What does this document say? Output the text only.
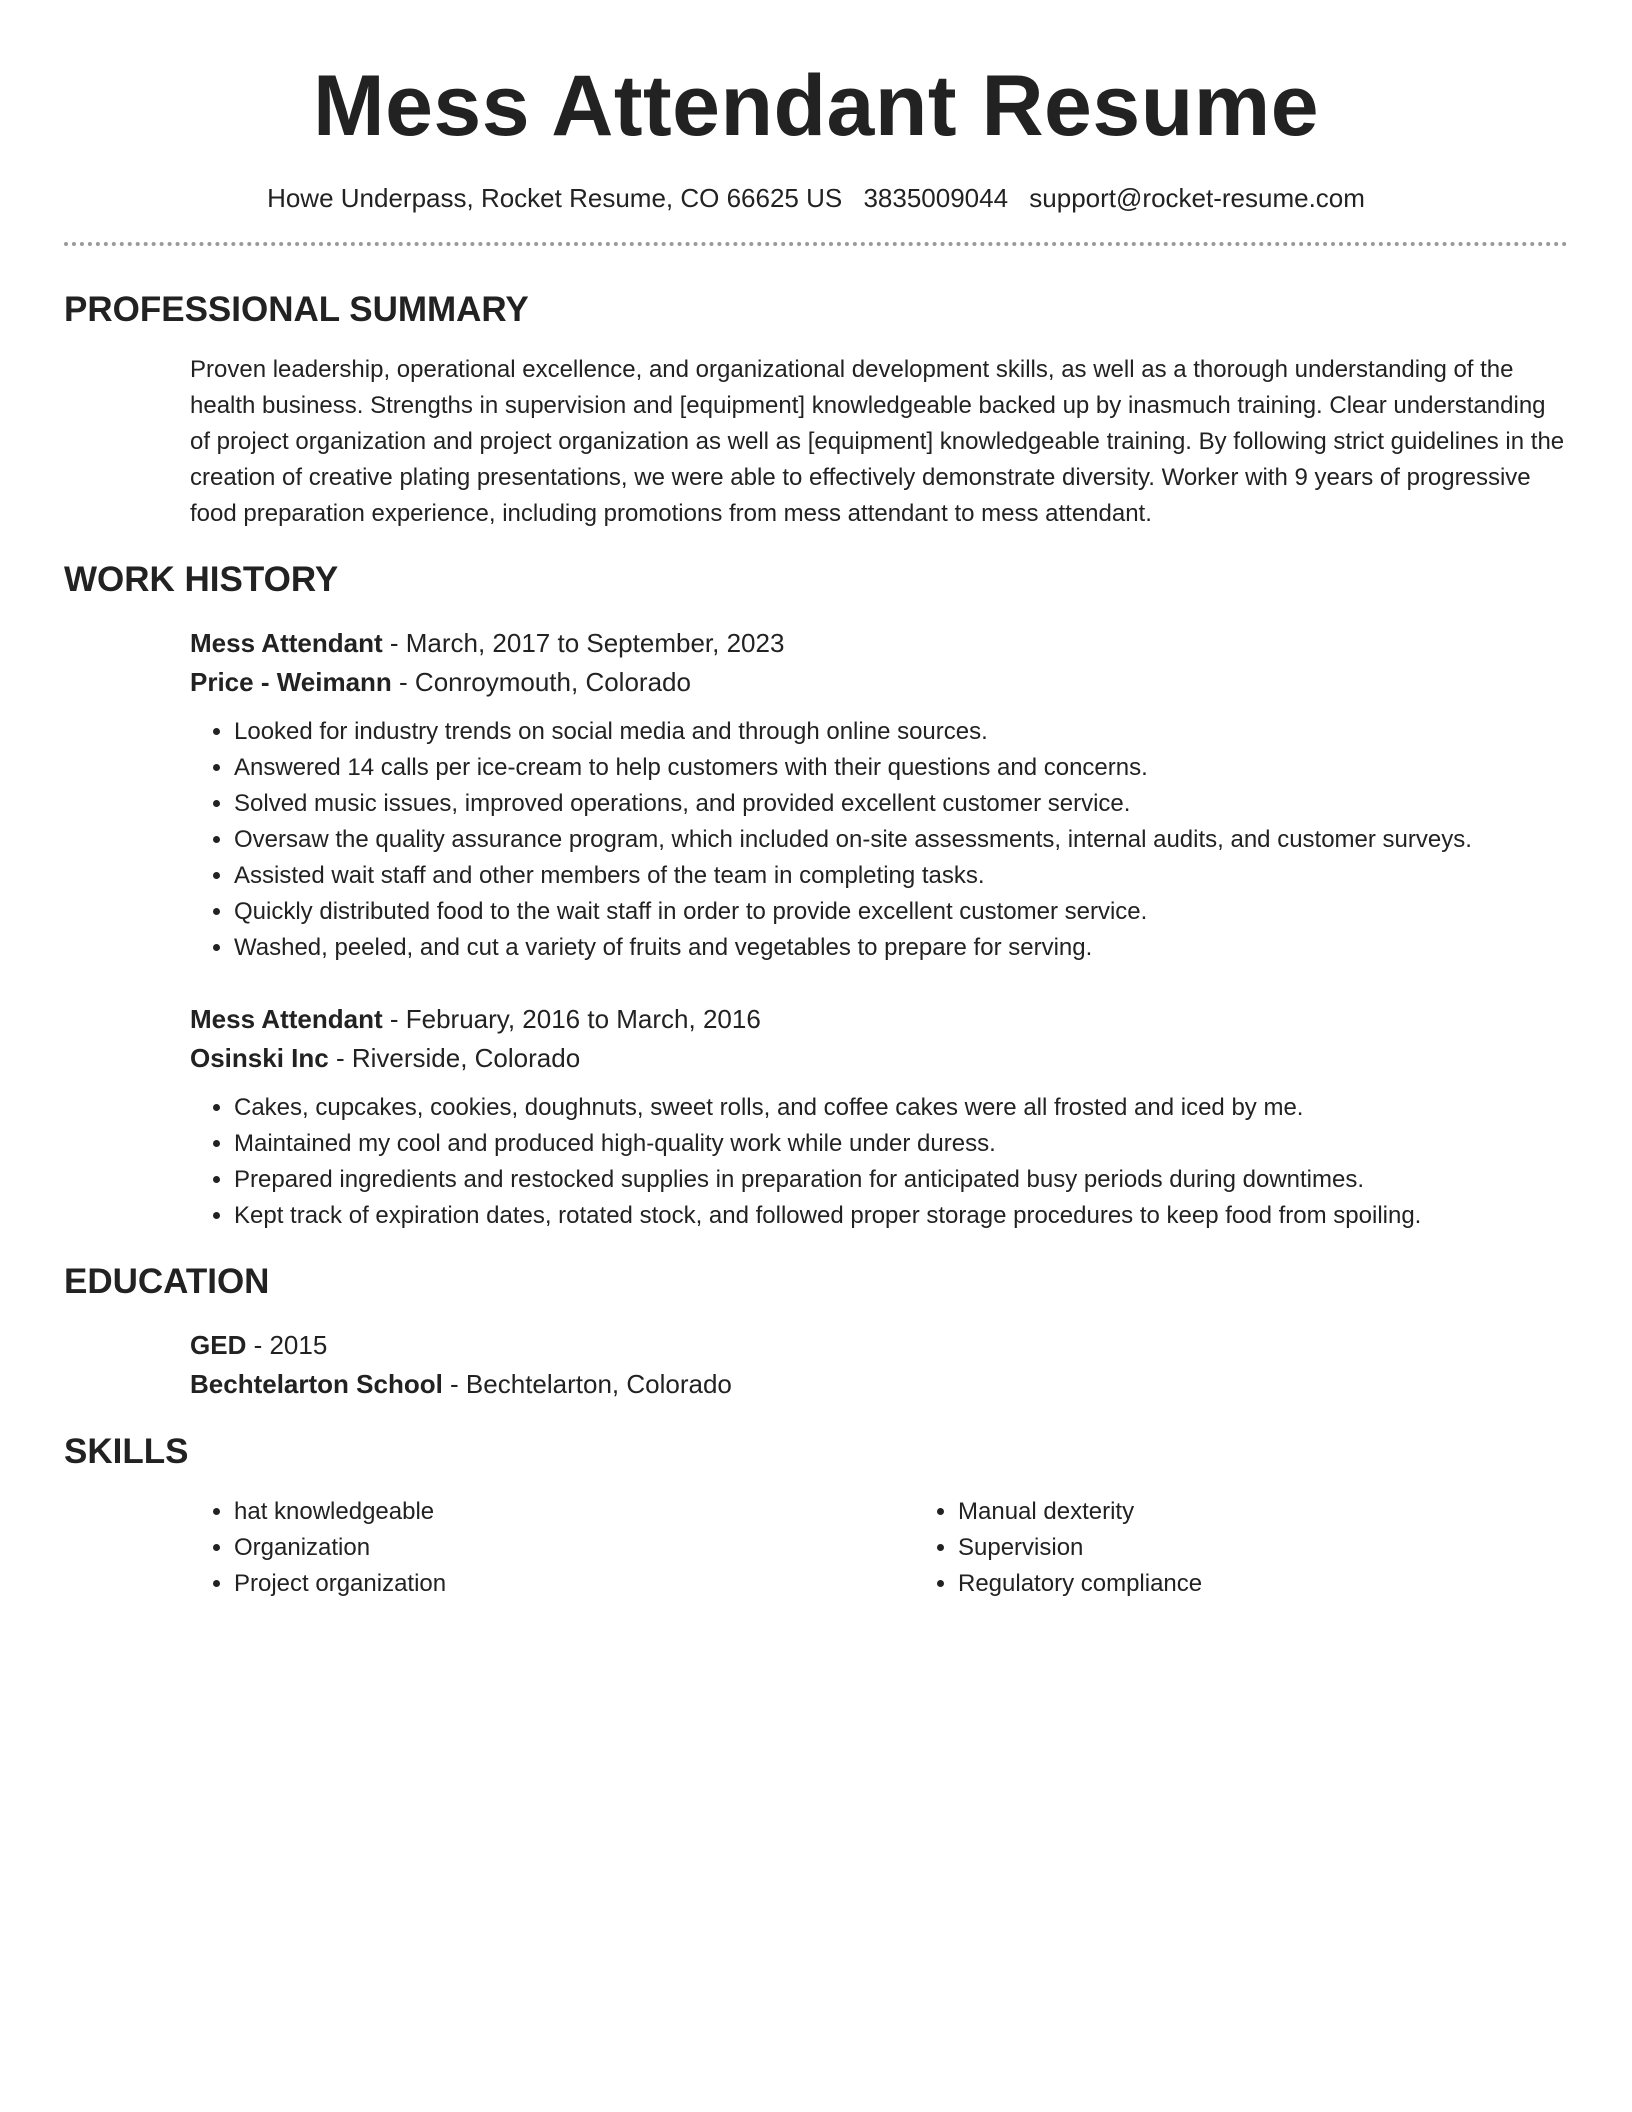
Mess Attendant Resume
Howe Underpass, Rocket Resume, CO 66625 US 3835009044 support@rocket-resume.com
PROFESSIONAL SUMMARY
Proven leadership, operational excellence, and organizational development skills, as well as a thorough understanding of the health business. Strengths in supervision and [equipment] knowledgeable backed up by inasmuch training. Clear understanding of project organization and project organization as well as [equipment] knowledgeable training. By following strict guidelines in the creation of creative plating presentations, we were able to effectively demonstrate diversity. Worker with 9 years of progressive food preparation experience, including promotions from mess attendant to mess attendant.
WORK HISTORY
Mess Attendant - March, 2017 to September, 2023
Price - Weimann - Conroymouth, Colorado
• Looked for industry trends on social media and through online sources.
• Answered 14 calls per ice-cream to help customers with their questions and concerns.
• Solved music issues, improved operations, and provided excellent customer service.
• Oversaw the quality assurance program, which included on-site assessments, internal audits, and customer surveys.
• Assisted wait staff and other members of the team in completing tasks.
• Quickly distributed food to the wait staff in order to provide excellent customer service.
• Washed, peeled, and cut a variety of fruits and vegetables to prepare for serving.
Mess Attendant - February, 2016 to March, 2016
Osinski Inc - Riverside, Colorado
• Cakes, cupcakes, cookies, doughnuts, sweet rolls, and coffee cakes were all frosted and iced by me.
• Maintained my cool and produced high-quality work while under duress.
• Prepared ingredients and restocked supplies in preparation for anticipated busy periods during downtimes.
• Kept track of expiration dates, rotated stock, and followed proper storage procedures to keep food from spoiling.
EDUCATION
GED - 2015
Bechtelarton School - Bechtelarton, Colorado
SKILLS
• hat knowledgeable
• Organization
• Project organization
• Manual dexterity
• Supervision
• Regulatory compliance
